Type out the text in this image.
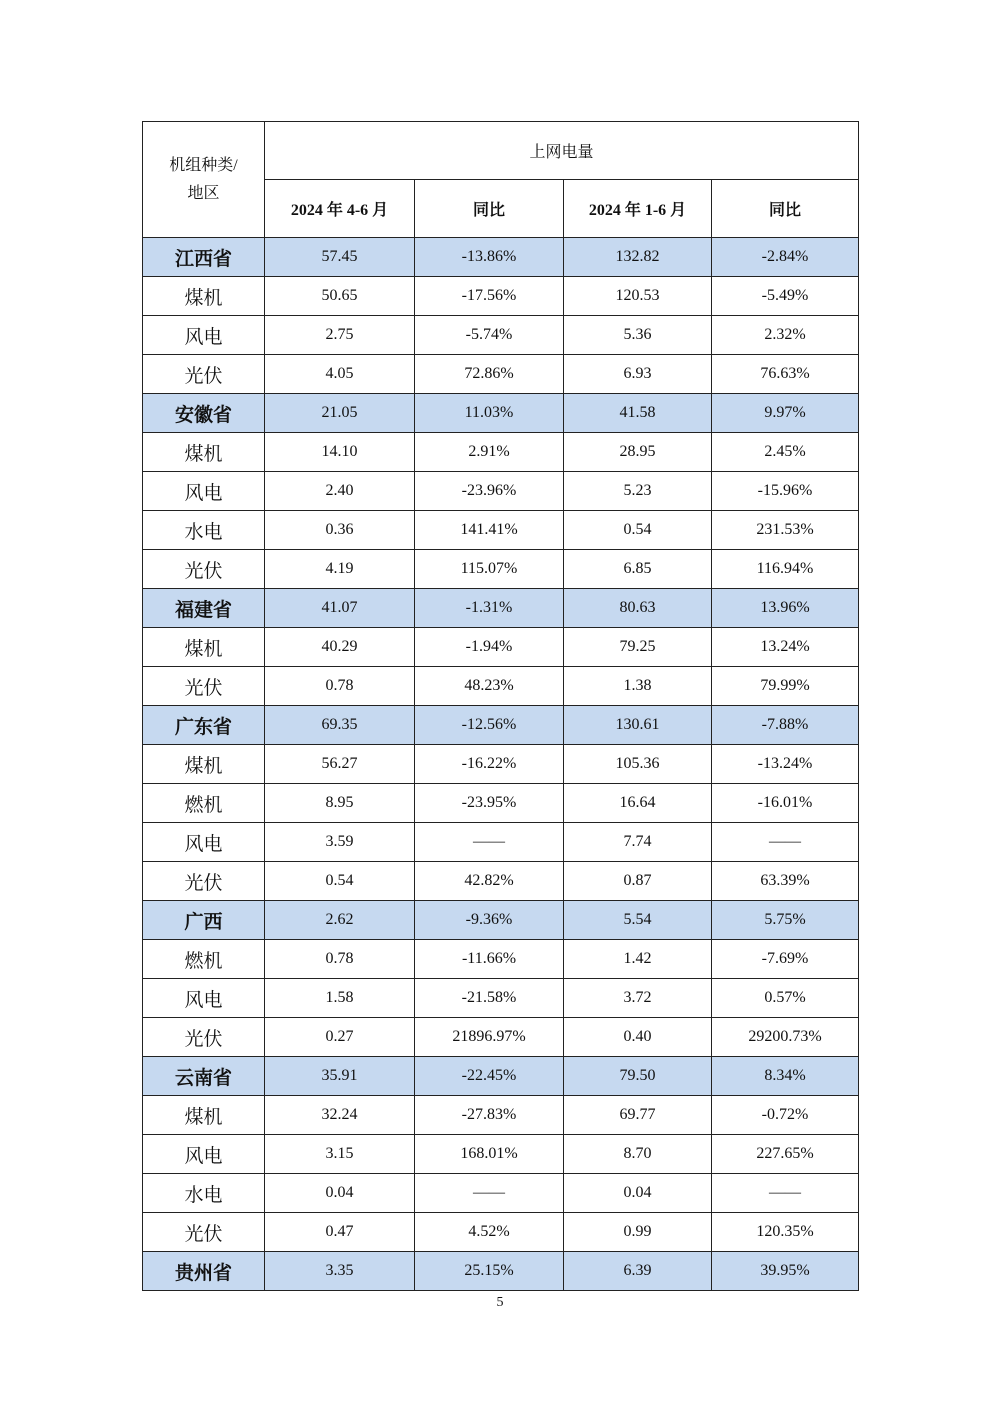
机组种类/
地区	上网电量			
	2024 年 4-6 月	同比	2024 年 1-6 月	同比
江西省	57.45	-13.86%	132.82	-2.84%
煤机	50.65	-17.56%	120.53	-5.49%
风电	2.75	-5.74%	5.36	2.32%
光伏	4.05	72.86%	6.93	76.63%
安徽省	21.05	11.03%	41.58	9.97%
煤机	14.10	2.91%	28.95	2.45%
风电	2.40	-23.96%	5.23	-15.96%
水电	0.36	141.41%	0.54	231.53%
光伏	4.19	115.07%	6.85	116.94%
福建省	41.07	-1.31%	80.63	13.96%
煤机	40.29	-1.94%	79.25	13.24%
光伏	0.78	48.23%	1.38	79.99%
广东省	69.35	-12.56%	130.61	-7.88%
煤机	56.27	-16.22%	105.36	-13.24%
燃机	8.95	-23.95%	16.64	-16.01%
风电	3.59	——	7.74	——
光伏	0.54	42.82%	0.87	63.39%
广西	2.62	-9.36%	5.54	5.75%
燃机	0.78	-11.66%	1.42	-7.69%
风电	1.58	-21.58%	3.72	0.57%
光伏	0.27	21896.97%	0.40	29200.73%
云南省	35.91	-22.45%	79.50	8.34%
煤机	32.24	-27.83%	69.77	-0.72%
风电	3.15	168.01%	8.70	227.65%
水电	0.04	——	0.04	——
光伏	0.47	4.52%	0.99	120.35%
贵州省	3.35	25.15%	6.39	39.95%
5
